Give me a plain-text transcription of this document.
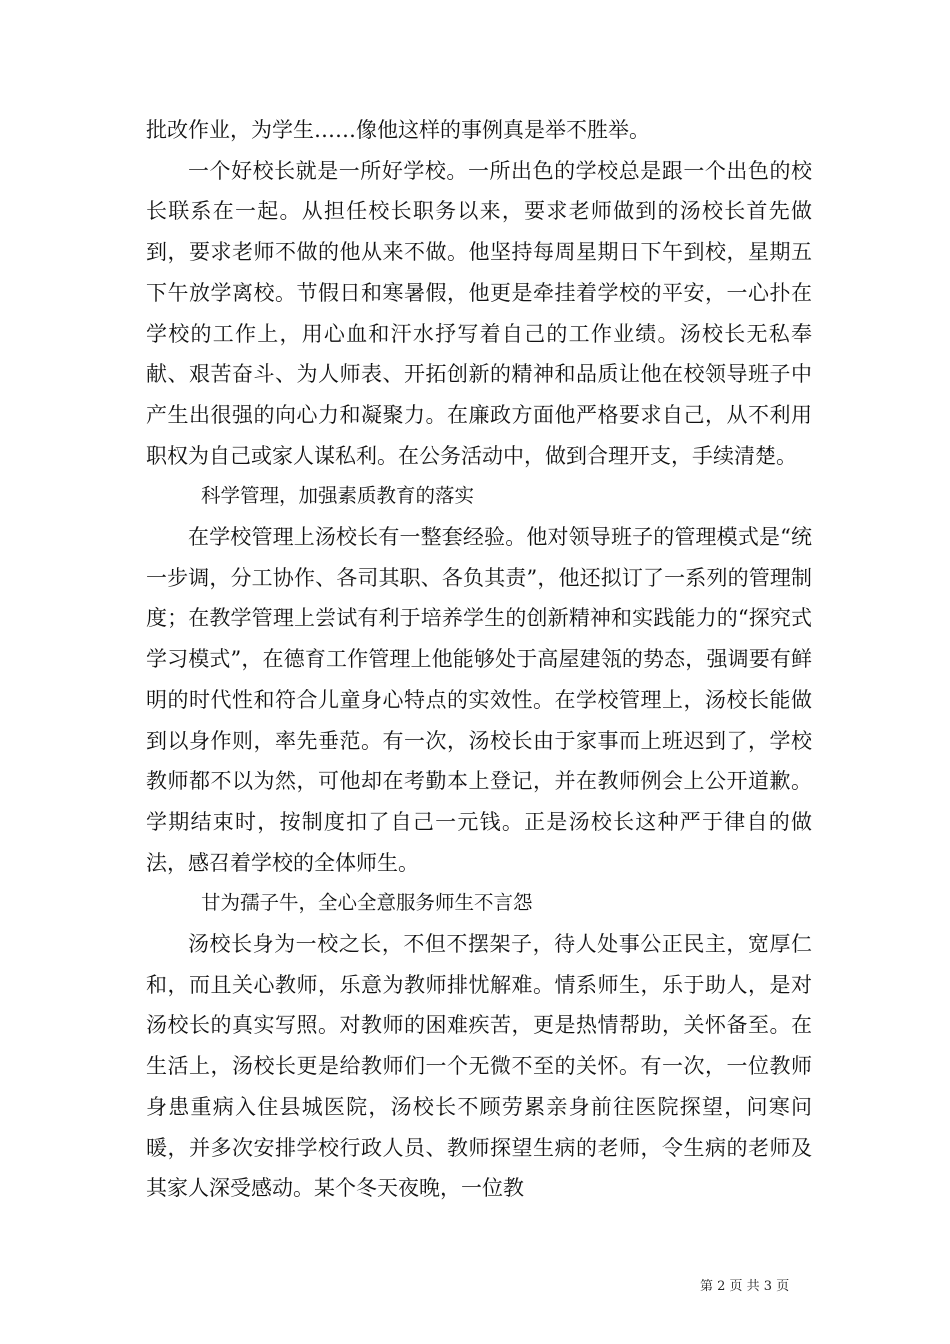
批改作业，为学生……像他这样的事例真是举不胜举。

一个好校长就是一所好学校。一所出色的学校总是跟一个出色的校长联系在一起。从担任校长职务以来，要求老师做到的汤校长首先做到，要求老师不做的他从来不做。他坚持每周星期日下午到校，星期五下午放学离校。节假日和寒暑假，他更是牵挂着学校的平安，一心扑在学校的工作上，用心血和汗水抒写着自己的工作业绩。汤校长无私奉献、艰苦奋斗、为人师表、开拓创新的精神和品质让他在校领导班子中产生出很强的向心力和凝聚力。在廉政方面他严格要求自己，从不利用职权为自己或家人谋私利。在公务活动中，做到合理开支，手续清楚。

科学管理，加强素质教育的落实

在学校管理上汤校长有一整套经验。他对领导班子的管理模式是“统一步调，分工协作、各司其职、各负其责”，他还拟订了一系列的管理制度；在教学管理上尝试有利于培养学生的创新精神和实践能力的“探究式学习模式”，在德育工作管理上他能够处于高屋建瓴的势态，强调要有鲜明的时代性和符合儿童身心特点的实效性。在学校管理上，汤校长能做到以身作则，率先垂范。有一次，汤校长由于家事而上班迟到了，学校教师都不以为然，可他却在考勤本上登记，并在教师例会上公开道歉。学期结束时，按制度扣了自己一元钱。正是汤校长这种严于律自的做法，感召着学校的全体师生。

甘为孺子牛，全心全意服务师生不言怨

汤校长身为一校之长，不但不摆架子，待人处事公正民主，宽厚仁和，而且关心教师，乐意为教师排忧解难。情系师生，乐于助人，是对汤校长的真实写照。对教师的困难疾苦，更是热情帮助，关怀备至。在生活上，汤校长更是给教师们一个无微不至的关怀。有一次，一位教师身患重病入住县城医院，汤校长不顾劳累亲身前往医院探望，问寒问暖，并多次安排学校行政人员、教师探望生病的老师，令生病的老师及其家人深受感动。某个冬天夜晚，一位教

第 2 页 共 3 页
